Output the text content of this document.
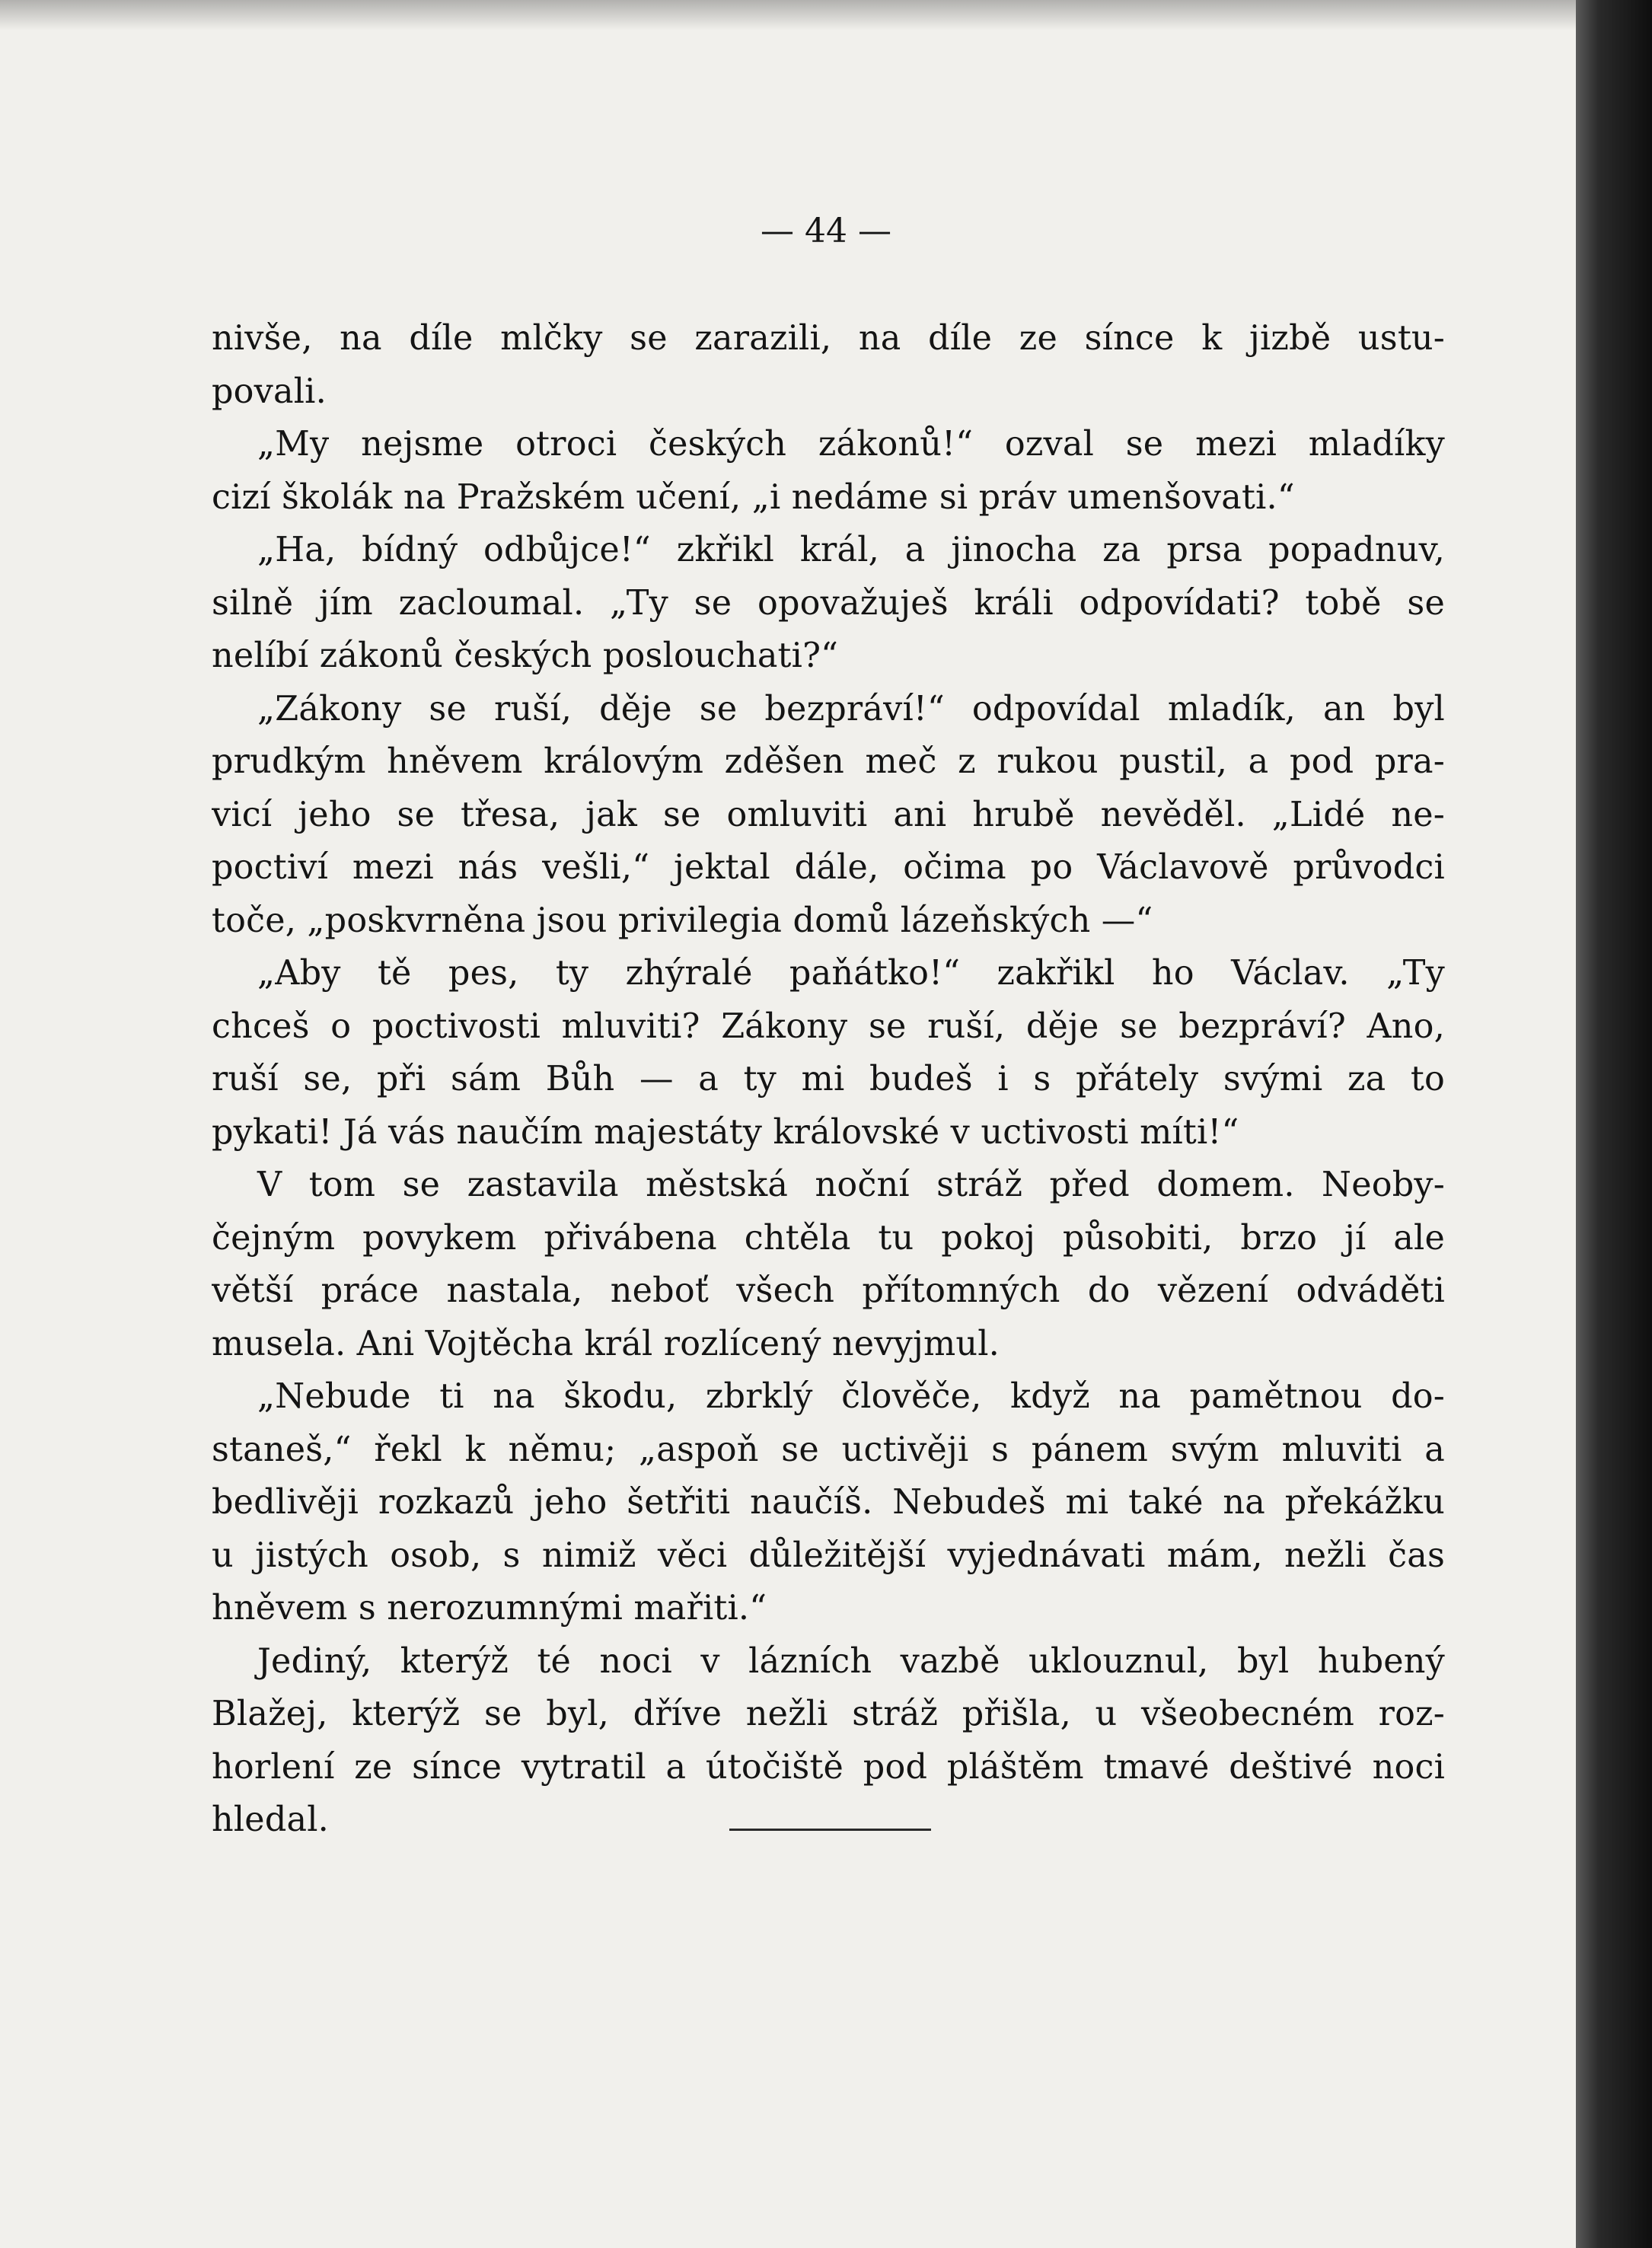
— 44 —
nivše, na díle mlčky se zarazili, na díle ze sínce k jizbě ustu-
povali.
„My nejsme otroci českých zákonů!“ ozval se mezi mladíky
cizí školák na Pražském učení, „i nedáme si práv umenšovati.“
„Ha, bídný odbůjce!“ zkřikl král, a jinocha za prsa popadnuv,
silně jím zacloumal. „Ty se opovažuješ králi odpovídati? tobě se
nelíbí zákonů českých poslouchati?“
„Zákony se ruší, děje se bezpráví!“ odpovídal mladík, an byl
prudkým hněvem královým zděšen meč z rukou pustil, a pod pra-
vicí jeho se třesa, jak se omluviti ani hrubě nevěděl. „Lidé ne-
poctiví mezi nás vešli,“ jektal dále, očima po Václavově průvodci
toče, „poskvrněna jsou privilegia domů lázeňských —“
„Aby tě pes, ty zhýralé paňátko!“ zakřikl ho Václav. „Ty
chceš o poctivosti mluviti? Zákony se ruší, děje se bezpráví? Ano,
ruší se, při sám Bůh — a ty mi budeš i s přátely svými za to
pykati! Já vás naučím majestáty královské v uctivosti míti!“
V tom se zastavila městská noční stráž před domem. Neoby-
čejným povykem přivábena chtěla tu pokoj působiti, brzo jí ale
větší práce nastala, neboť všech přítomných do vězení odváděti
musela. Ani Vojtěcha král rozlícený nevyjmul.
„Nebude ti na škodu, zbrklý člověče, když na pamětnou do-
staneš,“ řekl k němu; „aspoň se uctivěji s pánem svým mluviti a
bedlivěji rozkazů jeho šetřiti naučíš. Nebudeš mi také na překážku
u jistých osob, s nimiž věci důležitější vyjednávati mám, nežli čas
hněvem s nerozumnými mařiti.“
Jediný, kterýž té noci v lázních vazbě uklouznul, byl hubený
Blažej, kterýž se byl, dříve nežli stráž přišla, u všeobecném roz-
horlení ze sínce vytratil a útočiště pod pláštěm tmavé deštivé noci
hledal.
